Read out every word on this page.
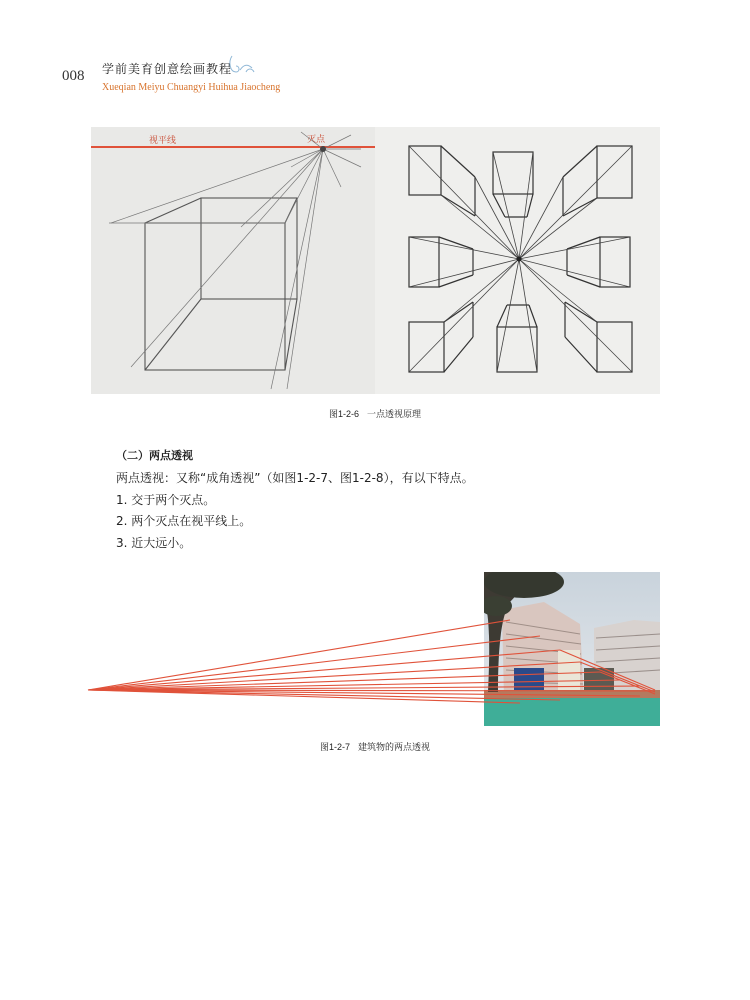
008 学前美育创意绘画教程
Xueqian Meiyu Chuangyi Huihua Jiaocheng
视平线	灭点
图1-2-6 一点透视原理
（二）两点透视
两点透视：又称“成角透视”（如图1-2-7、图1-2-8），有以下特点。
1. 交于两个灭点。
2. 两个灭点在视平线上。
3. 近大远小。
图1-2-7 建筑物的两点透视
